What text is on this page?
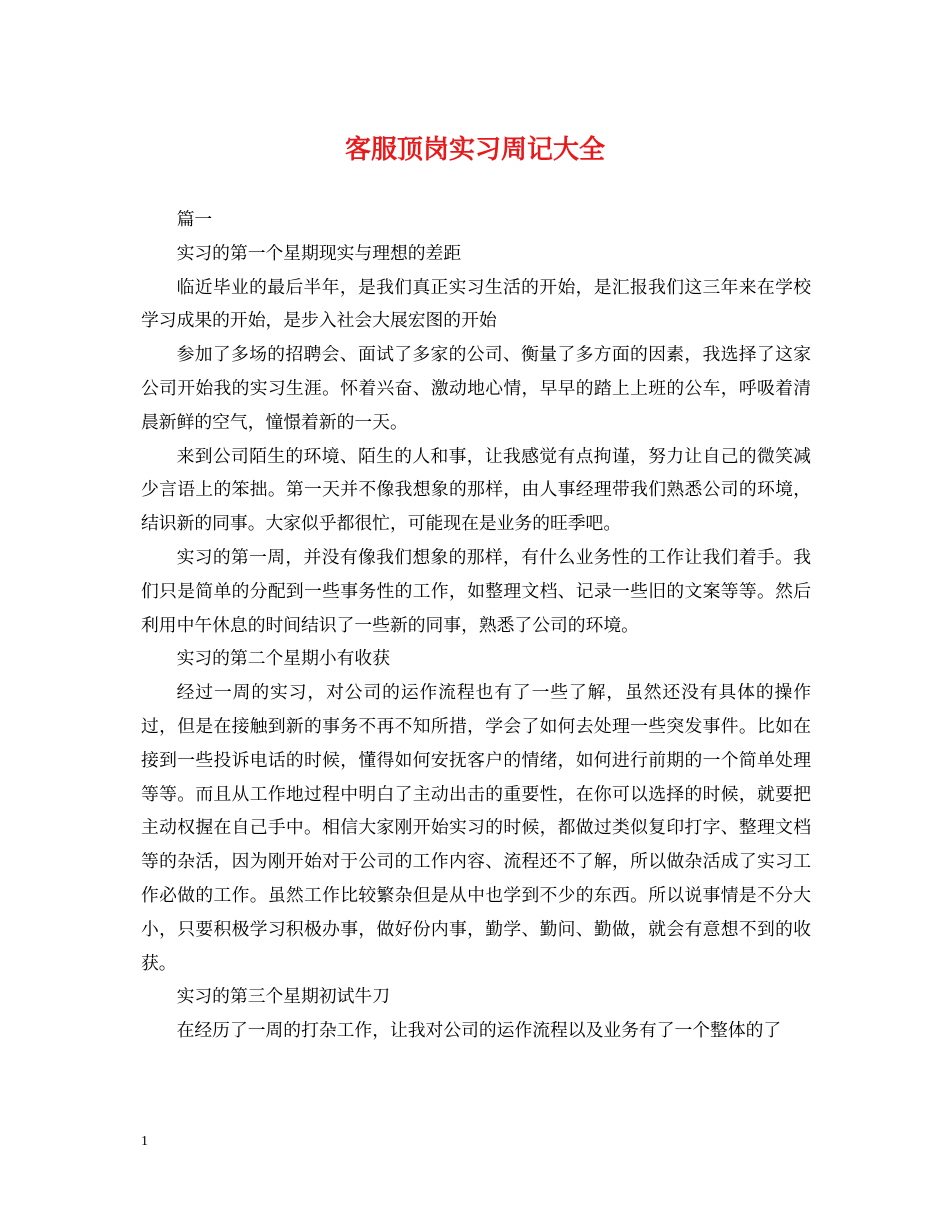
客服顶岗实习周记大全

篇一

实习的第一个星期现实与理想的差距

临近毕业的最后半年，是我们真正实习生活的开始，是汇报我们这三年来在学校学习成果的开始，是步入社会大展宏图的开始

参加了多场的招聘会、面试了多家的公司、衡量了多方面的因素，我选择了这家公司开始我的实习生涯。怀着兴奋、激动地心情，早早的踏上上班的公车，呼吸着清晨新鲜的空气，憧憬着新的一天。

来到公司陌生的环境、陌生的人和事，让我感觉有点拘谨，努力让自己的微笑减少言语上的笨拙。第一天并不像我想象的那样，由人事经理带我们熟悉公司的环境，结识新的同事。大家似乎都很忙，可能现在是业务的旺季吧。

实习的第一周，并没有像我们想象的那样，有什么业务性的工作让我们着手。我们只是简单的分配到一些事务性的工作，如整理文档、记录一些旧的文案等等。然后利用中午休息的时间结识了一些新的同事，熟悉了公司的环境。

实习的第二个星期小有收获

经过一周的实习，对公司的运作流程也有了一些了解，虽然还没有具体的操作过，但是在接触到新的事务不再不知所措，学会了如何去处理一些突发事件。比如在接到一些投诉电话的时候，懂得如何安抚客户的情绪，如何进行前期的一个简单处理等等。而且从工作地过程中明白了主动出击的重要性，在你可以选择的时候，就要把主动权握在自己手中。相信大家刚开始实习的时候，都做过类似复印打字、整理文档等的杂活，因为刚开始对于公司的工作内容、流程还不了解，所以做杂活成了实习工作必做的工作。虽然工作比较繁杂但是从中也学到不少的东西。所以说事情是不分大小，只要积极学习积极办事，做好份内事，勤学、勤问、勤做，就会有意想不到的收获。

实习的第三个星期初试牛刀

在经历了一周的打杂工作，让我对公司的运作流程以及业务有了一个整体的了

1
